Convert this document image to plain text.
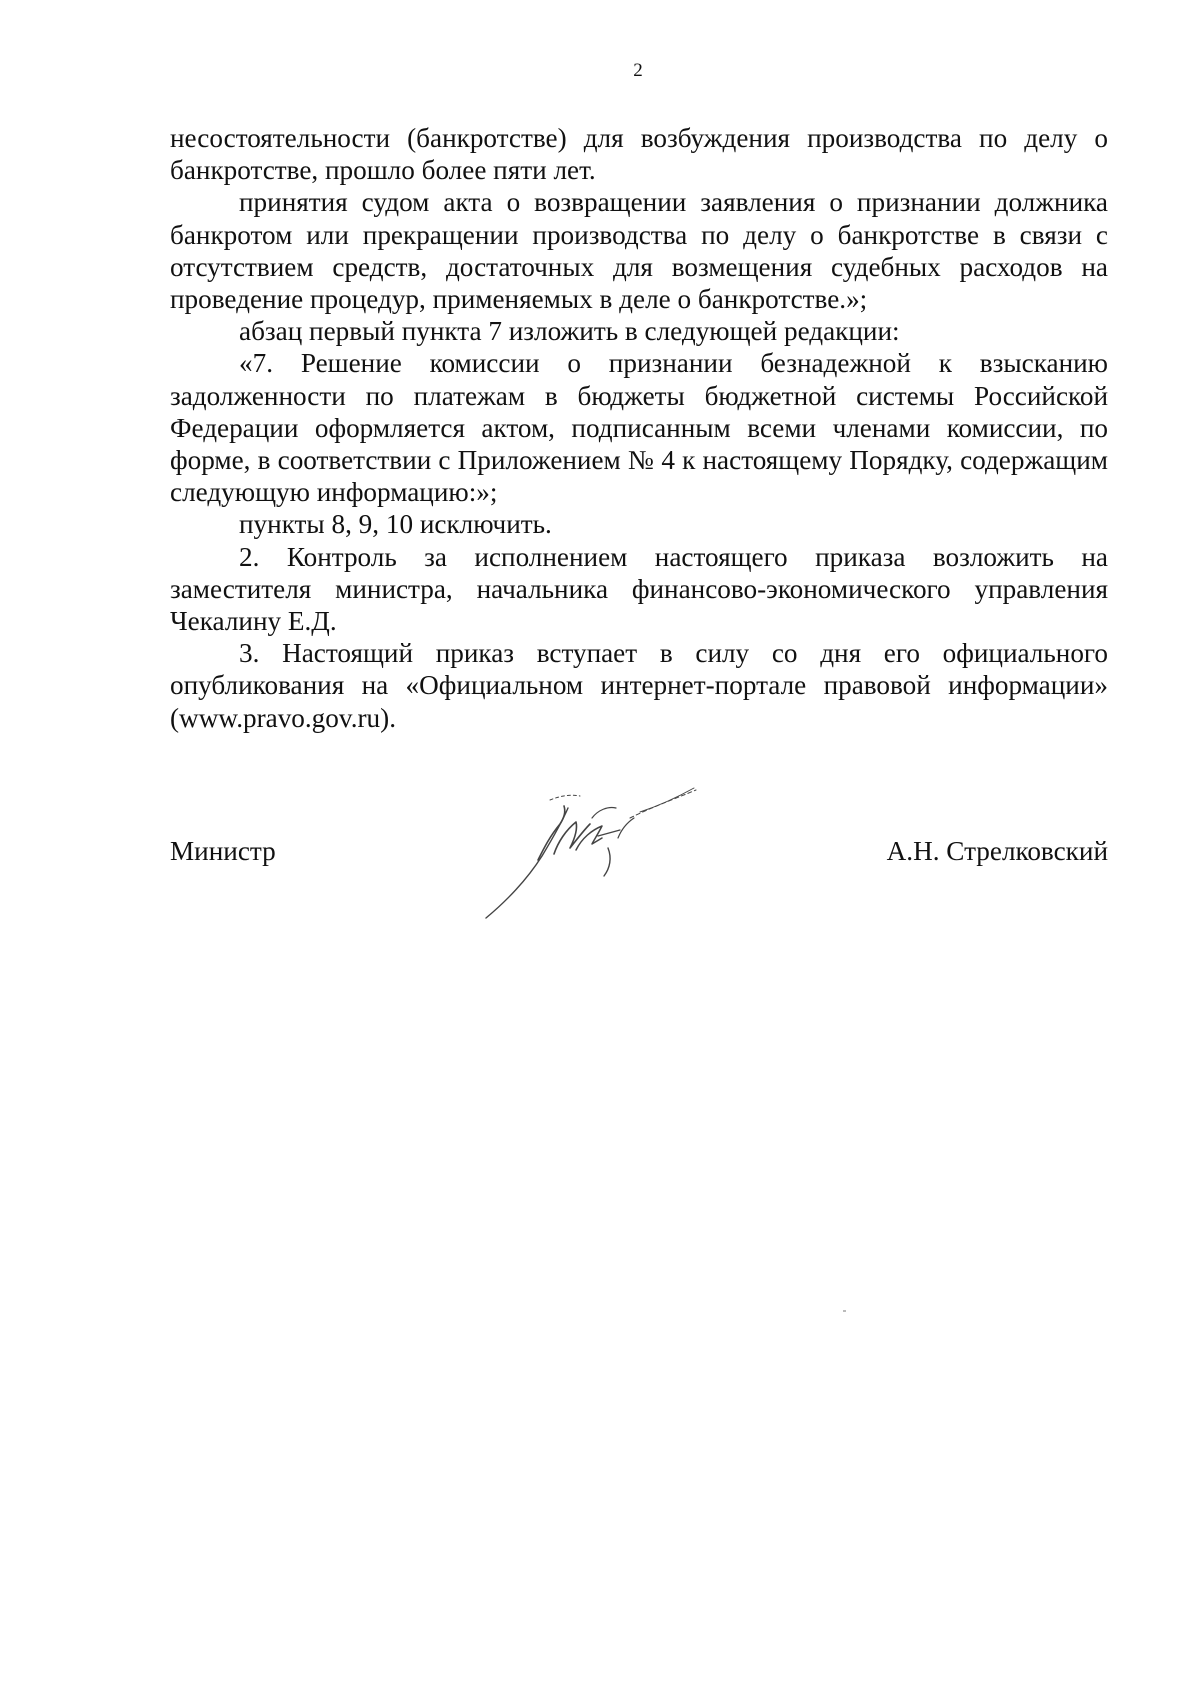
2

несостоятельности (банкротстве) для возбуждения производства по делу о банкротстве, прошло более пяти лет.

принятия судом акта о возвращении заявления о признании должника банкротом или прекращении производства по делу о банкротстве в связи с отсутствием средств, достаточных для возмещения судебных расходов на проведение процедур, применяемых в деле о банкротстве.»;

абзац первый пункта 7 изложить в следующей редакции:

«7. Решение комиссии о признании безнадежной к взысканию задолженности по платежам в бюджеты бюджетной системы Российской Федерации оформляется актом, подписанным всеми членами комиссии, по форме, в соответствии с Приложением № 4 к настоящему Порядку, содержащим следующую информацию:»;

пункты 8, 9, 10 исключить.

2. Контроль за исполнением настоящего приказа возложить на заместителя министра, начальника финансово-экономического управления Чекалину Е.Д.

3. Настоящий приказ вступает в силу со дня его официального опубликования на «Официальном интернет-портале правовой информации» (www.pravo.gov.ru).

Министр	А.Н. Стрелковский
